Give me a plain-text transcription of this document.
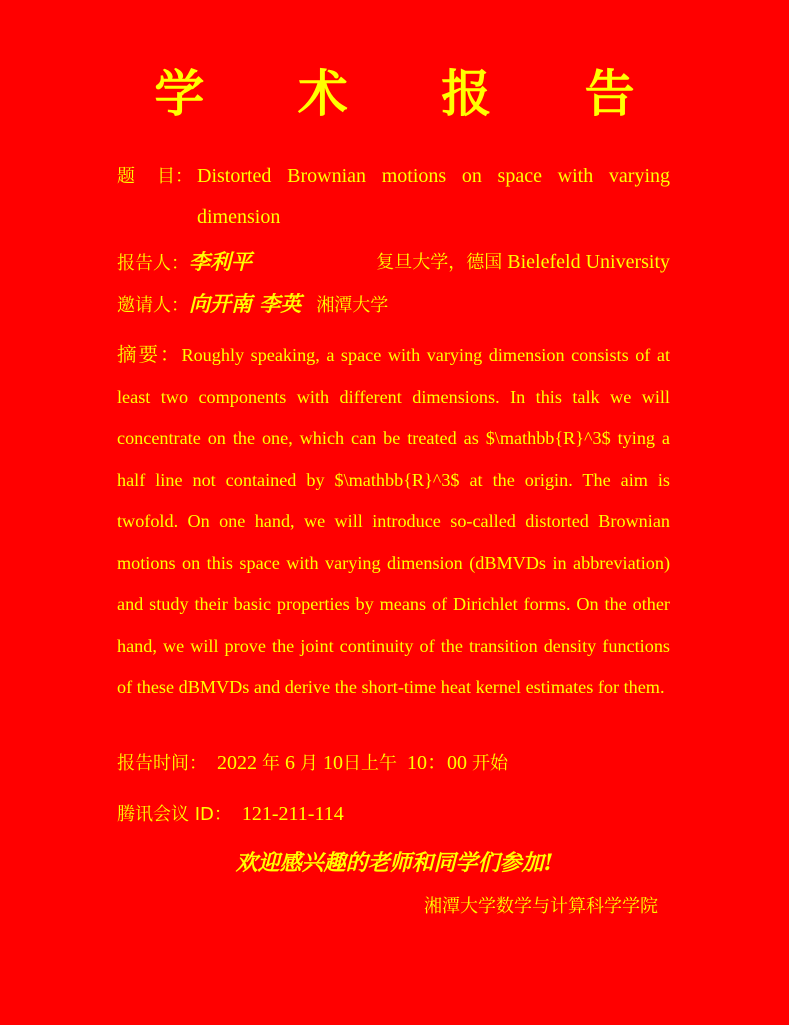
学 术 报 告
题 目： Distorted Brownian motions on space with varying dimension
报告人：李利平	复旦大学，德国 Bielefeld University
邀请人：向开南 李英 湘潭大学
摘要：Roughly speaking, a space with varying dimension consists of at least two components with different dimensions. In this talk we will concentrate on the one, which can be treated as $\mathbb{R}^3$ tying a half line not contained by $\mathbb{R}^3$ at the origin. The aim is twofold. On one hand, we will introduce so-called distorted Brownian motions on this space with varying dimension (dBMVDs in abbreviation) and study their basic properties by means of Dirichlet forms. On the other hand, we will prove the joint continuity of the transition density functions of these dBMVDs and derive the short-time heat kernel estimates for them.
报告时间： 2022 年 6 月 10日上午 10：00 开始
腾讯会议 ID： 121-211-114
欢迎感兴趣的老师和同学们参加!
湘潭大学数学与计算科学学院
